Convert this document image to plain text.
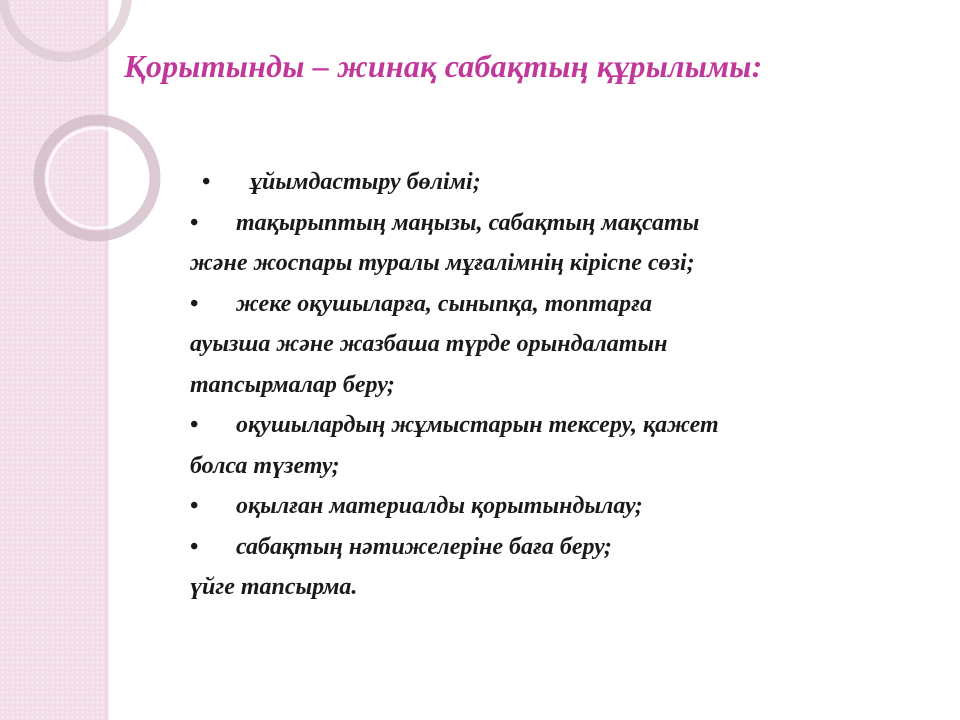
Қорытынды – жинақ сабақтың құрылымы:
• ұйымдастыру бөлімі;
• тақырыптың маңызы, сабақтың мақсаты
және жоспары туралы мұғалімнің кіріспе сөзі;
• жеке оқушыларға, сыныпқа, топтарға
ауызша және жазбаша түрде орындалатын
тапсырмалар беру;
• оқушылардың жұмыстарын тексеру, қажет
болса түзету;
• оқылған материалды қорытындылау;
• сабақтың нәтижелеріне баға беру;
үйге тапсырма.
